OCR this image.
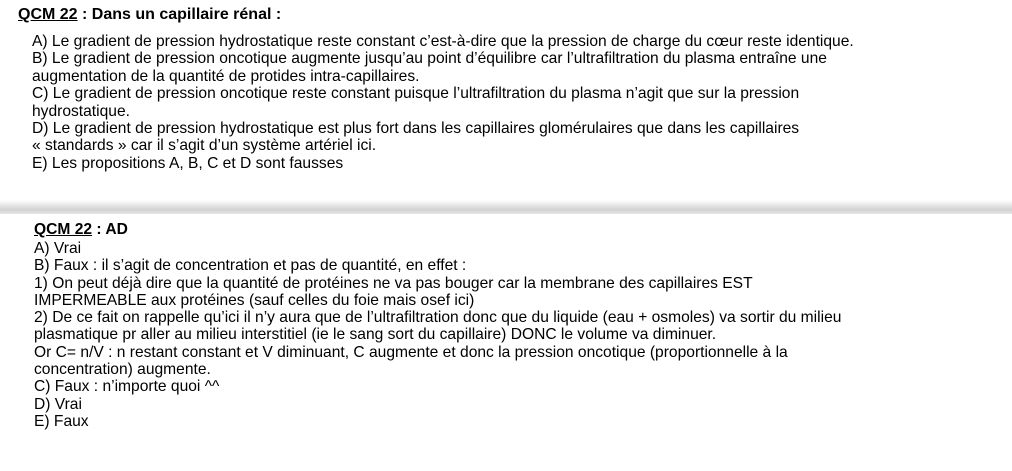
QCM 22 : Dans un capillaire rénal :
A) Le gradient de pression hydrostatique reste constant c’est-à-dire que la pression de charge du cœur reste identique.
B) Le gradient de pression oncotique augmente jusqu’au point d’équilibre car l’ultrafiltration du plasma entraîne une
augmentation de la quantité de protides intra-capillaires.
C) Le gradient de pression oncotique reste constant puisque l’ultrafiltration du plasma n’agit que sur la pression
hydrostatique.
D) Le gradient de pression hydrostatique est plus fort dans les capillaires glomérulaires que dans les capillaires
« standards » car il s’agit d’un système artériel ici.
E) Les propositions A, B, C et D sont fausses
QCM 22 : AD
A) Vrai
B) Faux : il s’agit de concentration et pas de quantité, en effet :
1) On peut déjà dire que la quantité de protéines ne va pas bouger car la membrane des capillaires EST
IMPERMEABLE aux protéines (sauf celles du foie mais osef ici)
2) De ce fait on rappelle qu’ici il n’y aura que de l’ultrafiltration donc que du liquide (eau + osmoles) va sortir du milieu
plasmatique pr aller au milieu interstitiel (ie le sang sort du capillaire) DONC le volume va diminuer.
Or C= n/V : n restant constant et V diminuant, C augmente et donc la pression oncotique (proportionnelle à la
concentration) augmente.
C) Faux : n’importe quoi ^^
D) Vrai
E) Faux
